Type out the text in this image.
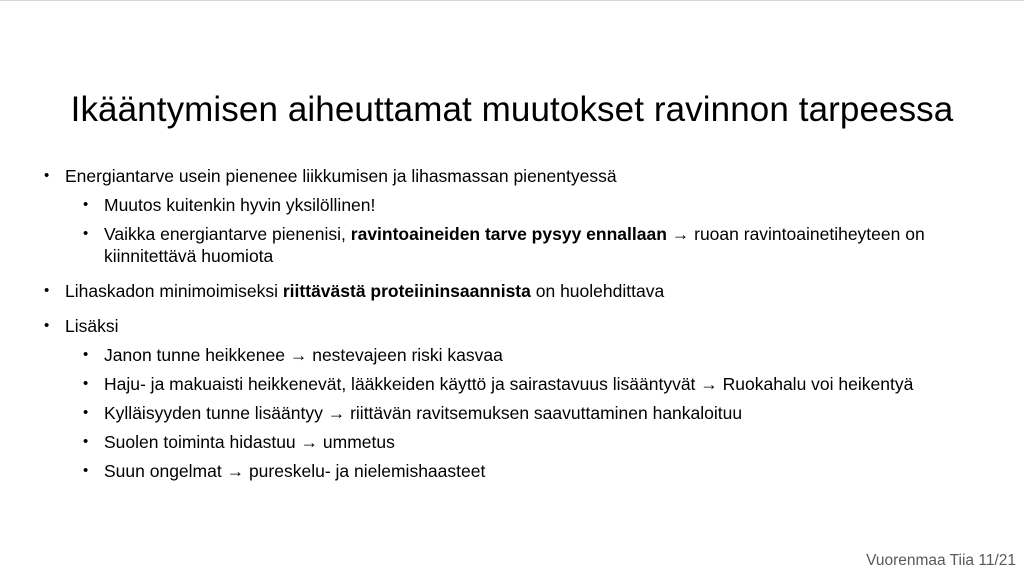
Ikääntymisen aiheuttamat muutokset ravinnon tarpeessa
• Energiantarve usein pienenee liikkumisen ja lihasmassan pienentyessä
• Muutos kuitenkin hyvin yksilöllinen!
• Vaikka energiantarve pienenisi, ravintoaineiden tarve pysyy ennallaan → ruoan ravintoainetiheyteen on kiinnitettävä huomiota
• Lihaskadon minimoimiseksi riittävästä proteiininsaannista on huolehdittava
• Lisäksi
• Janon tunne heikkenee → nestevajeen riski kasvaa
• Haju- ja makuaisti heikkenevät, lääkkeiden käyttö ja sairastavuus lisääntyvät → Ruokahalu voi heikentyä
• Kylläisyyden tunne lisääntyy → riittävän ravitsemuksen saavuttaminen hankaloituu
• Suolen toiminta hidastuu → ummetus
• Suun ongelmat → pureskelu- ja nielemishaasteet
Vuorenmaa Tiia 11/21
